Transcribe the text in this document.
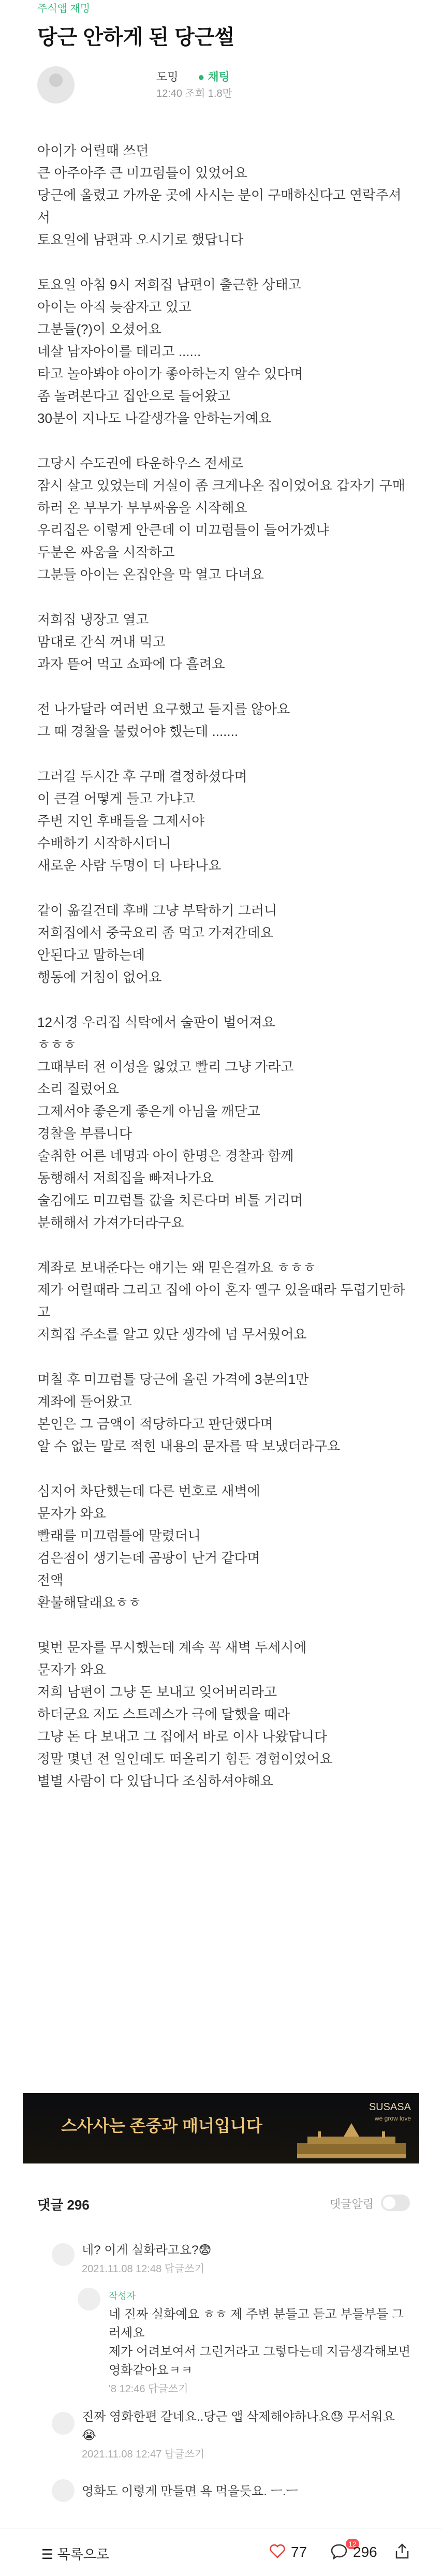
주식앱 재밍
당근 안하게 된 당근썰
도밍 ● 채팅
12:40 조회 1.8만

아이가 어릴때 쓰던
큰 아주아주 큰 미끄럼틀이 있었어요
당근에 올렸고 가까운 곳에 사시는 분이 구매하신다고 연락주셔서
토요일에 남편과 오시기로 했답니다

토요일 아침 9시 저희집 남편이 출근한 상태고
아이는 아직 늦잠자고 있고
그분들(?)이 오셨어요
네살 남자아이를 데리고 ......
타고 놀아봐야 아이가 좋아하는지 알수 있다며
좀 놀려본다고 집안으로 들어왔고
30분이 지나도 나갈생각을 안하는거예요

그당시 수도권에 타운하우스 전세로
잠시 살고 있었는데 거실이 좀 크게나온 집이었어요 갑자기 구매하러 온 부부가 부부싸움을 시작해요
우리집은 이렇게 안큰데 이 미끄럼틀이 들어가겠냐
두분은 싸움을 시작하고
그분들 아이는 온집안을 막 열고 다녀요

저희집 냉장고 열고
맘대로 간식 꺼내 먹고
과자 뜯어 먹고 쇼파에 다 흘려요

전 나가달라 여러번 요구했고 듣지를 않아요
그 때 경찰을 불렀어야 했는데 .......

그러길 두시간 후 구매 결정하셨다며
이 큰걸 어떻게 들고 가냐고
주변 지인 후배들을 그제서야
수배하기 시작하시더니
새로운 사람 두명이 더 나타나요

같이 옮길건데 후배 그냥 부탁하기 그러니
저희집에서 중국요리 좀 먹고 가져간데요
안된다고 말하는데
행동에 거침이 없어요

12시경 우리집 식탁에서 술판이 벌어져요
ㅎㅎㅎ
그때부터 전 이성을 잃었고 빨리 그냥 가라고
소리 질렀어요
그제서야 좋은게 좋은게 아님을 깨닫고
경찰을 부릅니다
술취한 어른 네명과 아이 한명은 경찰과 함께
동행해서 저희집을 빠져나가요
술김에도 미끄럼틀 값을 치른다며 비틀 거리며
분해해서 가져가더라구요

계좌로 보내준다는 얘기는 왜 믿은걸까요 ㅎㅎㅎ
제가 어릴때라 그리고 집에 아이 혼자 옐구 있을때라 두렵기만하고
저희집 주소를 알고 있단 생각에 넘 무서웠어요

며칠 후 미끄럼틀 당근에 올린 가격에 3분의1만
계좌에 들어왔고
본인은 그 금액이 적당하다고 판단했다며
알 수 없는 말로 적힌 내용의 문자를 딱 보냈더라구요

심지어 차단했는데 다른 번호로 새벽에
문자가 와요
빨래를 미끄럼틀에 말렸더니
검은점이 생기는데 곰팡이 난거 같다며
전액
환불해달래요ㅎㅎ

몇번 문자를 무시했는데 계속 꼭 새벽 두세시에
문자가 와요
저희 남편이 그냥 돈 보내고 잊어버리라고
하더군요 저도 스트레스가 극에 달했을 때라
그냥 돈 다 보내고 그 집에서 바로 이사 나왔답니다
정말 몇년 전 일인데도 떠올리기 힘든 경험이었어요
별별 사람이 다 있답니다 조심하셔야해요

스사사는 존중과 매너입니다
SUSASA
we grow love
댓글 296	댓글알림
네? 이게 실화라고요?😨
2021.11.08 12:48 답글쓰기
작성자
네 진짜 실화예요 ㅎㅎ 제 주변 분들고 듣고 부들부들 그러세요
제가 어려보여서 그런거라고 그렇다는데 지금생각해보면 영화같아요ㅋㅋ
'8 12:46 답글쓰기
진짜 영화한편 같네요..당근 앱 삭제해야하나요😓 무서워요😭
2021.11.08 12:47 답글쓰기
영화도 이렇게 만들면 욕 먹을듯요. ㅡ.ㅡ
☰ 목록으로	77	12
296
